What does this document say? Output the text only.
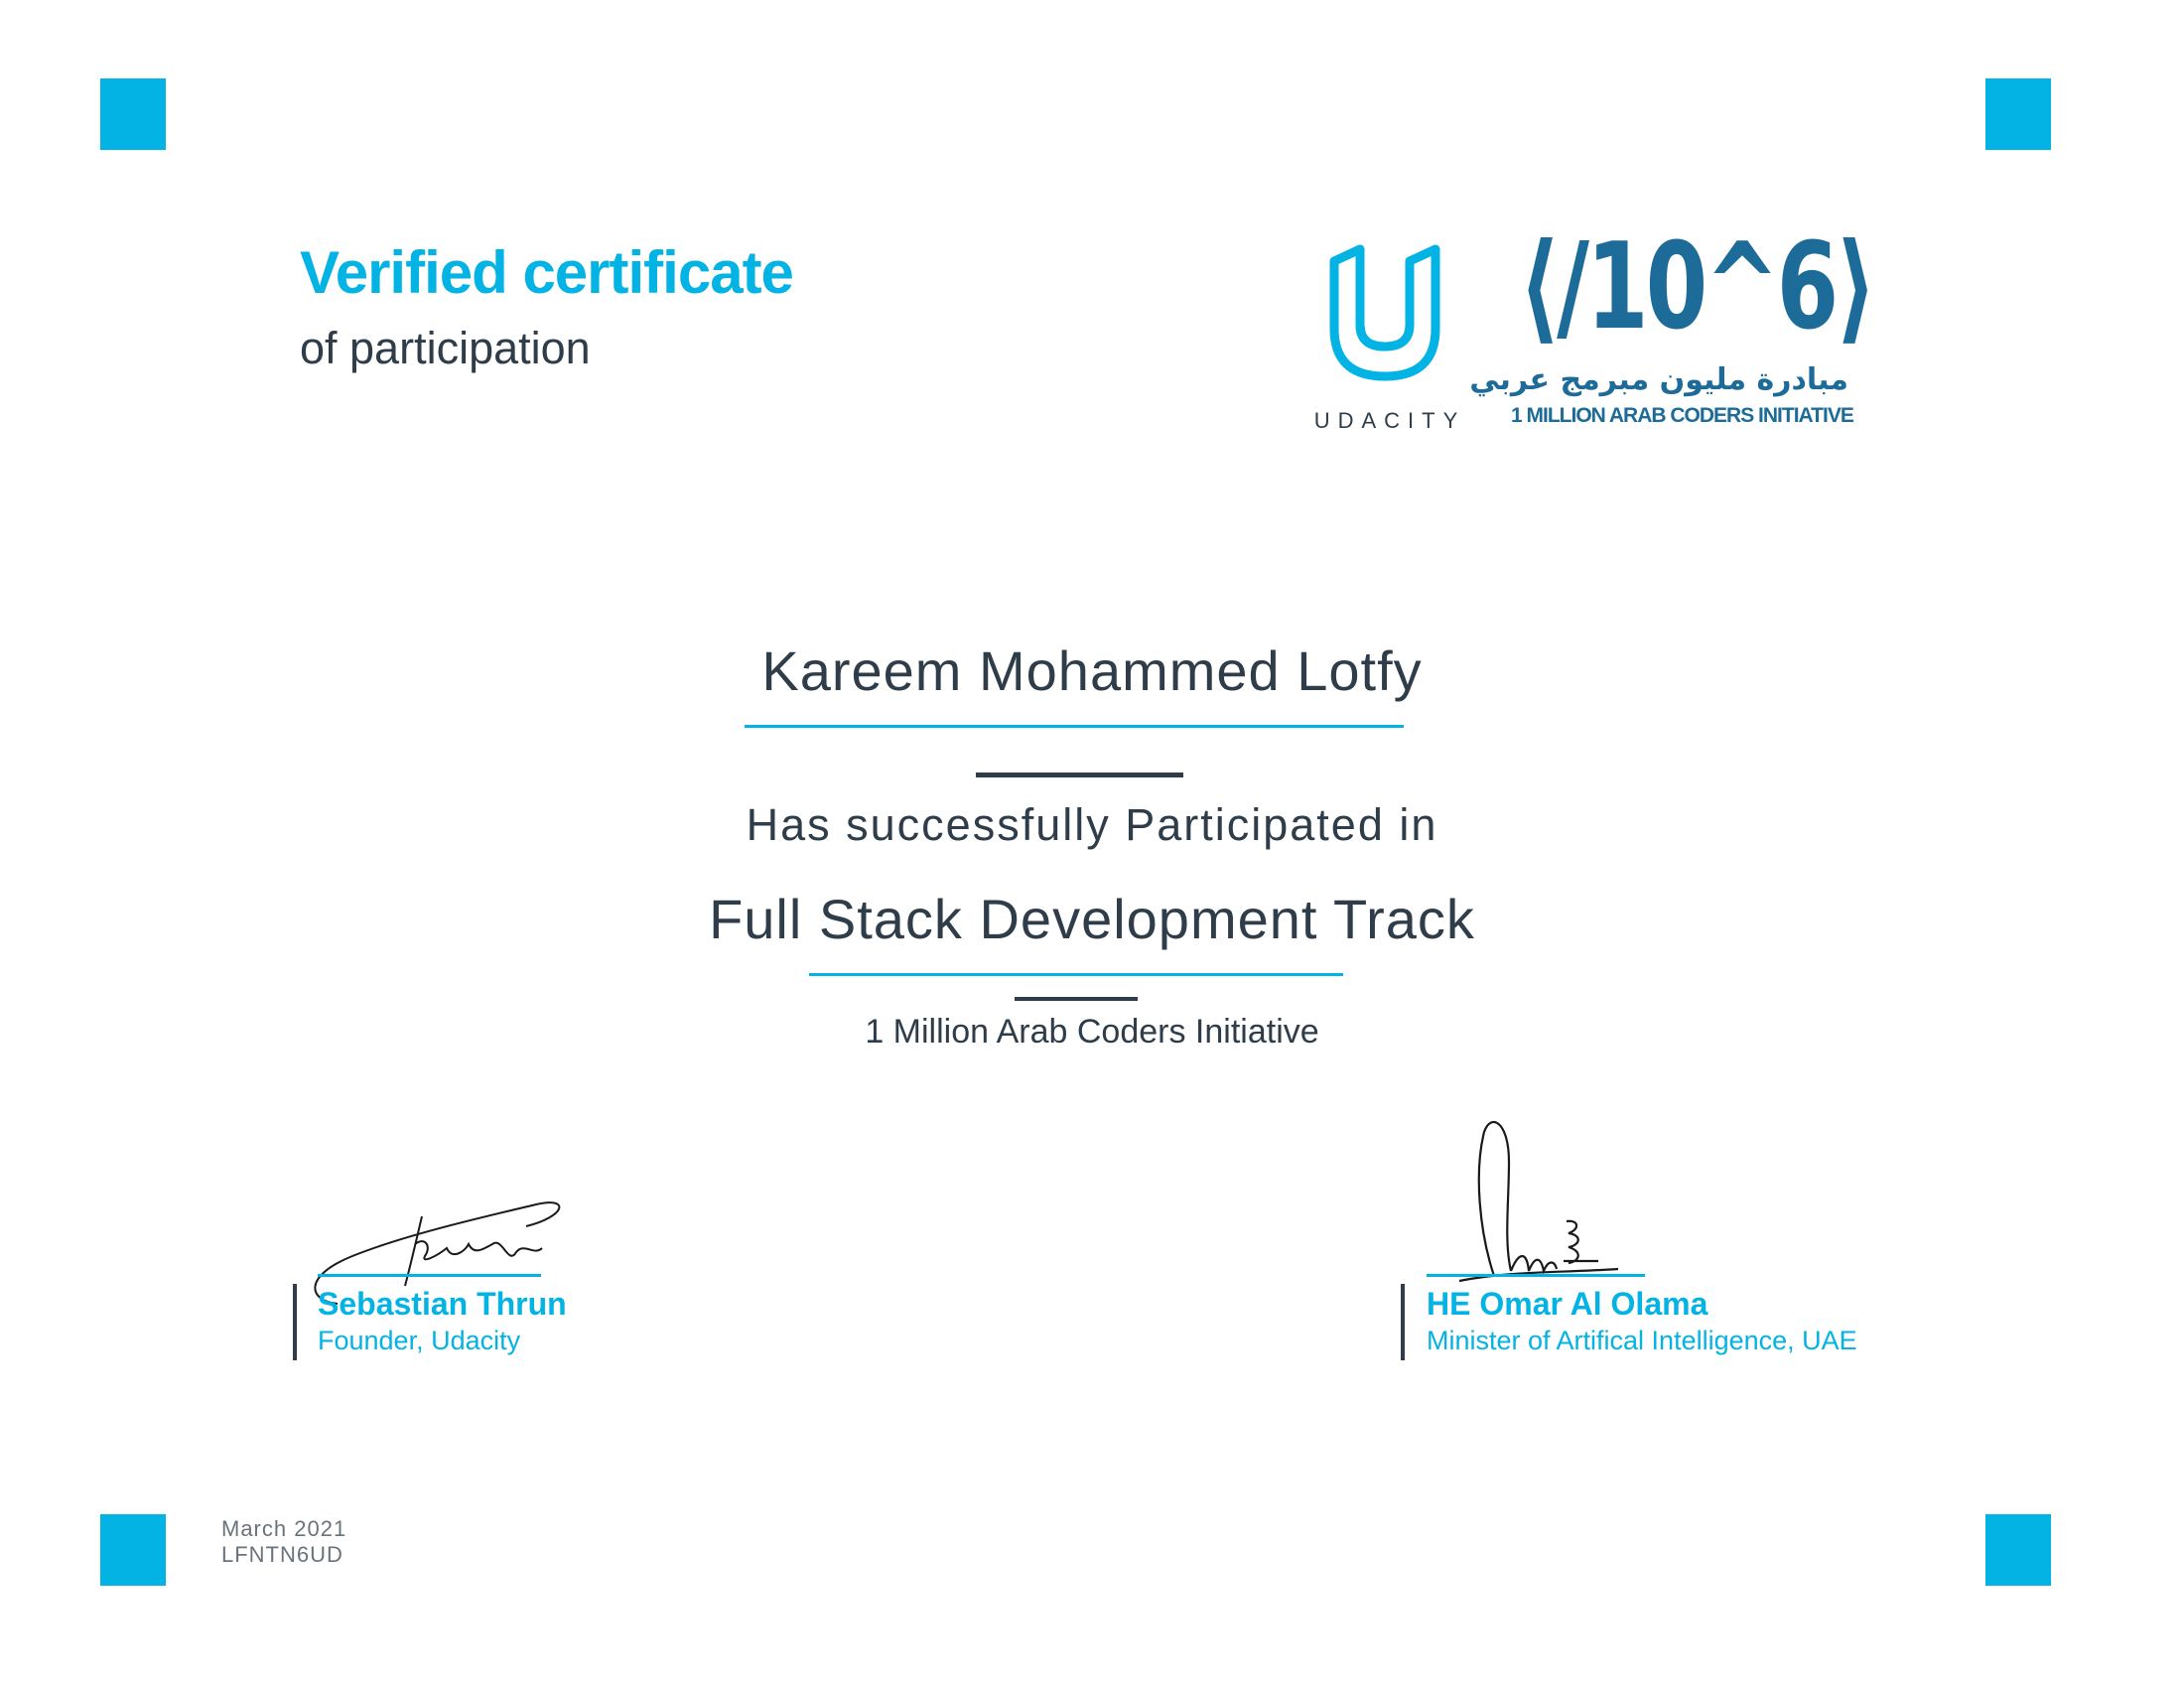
Verified certificate
of participation
UDACITY
⟨/10^6⟩
مبادرة مليون مبرمج عربي
1 MILLION ARAB CODERS INITIATIVE
Kareem Mohammed Lotfy
Has successfully Participated in
Full Stack Development Track
1 Million Arab Coders Initiative
Sebastian Thrun
Founder, Udacity
HE Omar Al Olama
Minister of Artifical Intelligence, UAE
March 2021
LFNTN6UD
